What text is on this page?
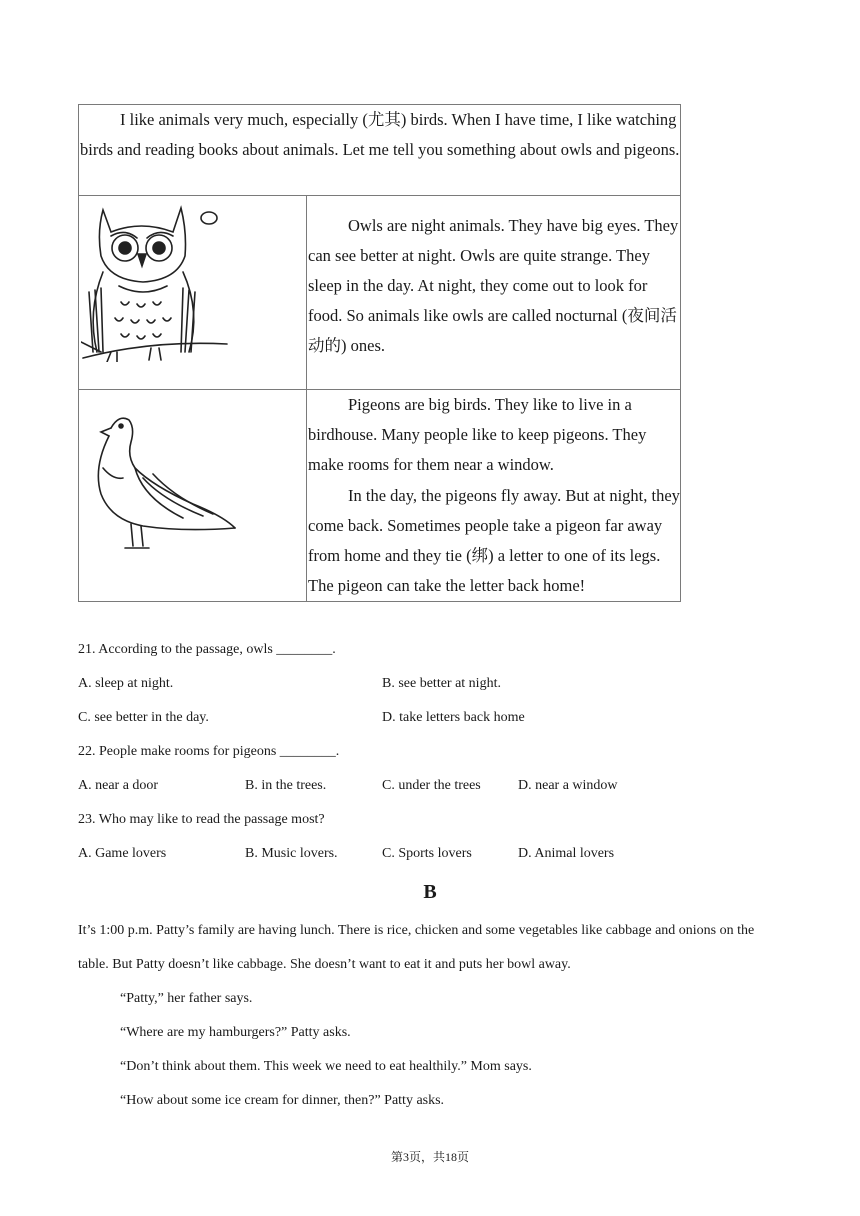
I like animals very much, especially (尤其) birds. When I have time, I like watching birds and reading books about animals. Let me tell you something about owls and pigeons.	

Owls are night animals. They have big eyes. They can see better at night. Owls are quite strange. They sleep in the day. At night, they come out to look for food. So animals like owls are called nocturnal (夜间活动的) ones.

Pigeons are big birds. They like to live in a birdhouse. Many people like to keep pigeons. They make rooms for them near a window.

In the day, the pigeons fly away. But at night, they come back. Sometimes people take a pigeon far away from home and they tie (绑) a letter to one of its legs. The pigeon can take the letter back home!

21. According to the passage, owls ________.
A. sleep at night.	B. see better at night.
C. see better in the day.	D. take letters back home
22. People make rooms for pigeons ________.
A. near a door	B. in the trees.	C. under the trees	D. near a window
23. Who may like to read the passage most?
A. Game lovers	B. Music lovers.	C. Sports lovers	D. Animal lovers
B

It’s 1:00 p.m. Patty’s family are having lunch. There is rice, chicken and some vegetables like cabbage and onions on the table. But Patty doesn’t like cabbage. She doesn’t want to eat it and puts her bowl away.

“Patty,” her father says.
“Where are my hamburgers?” Patty asks.
“Don’t think about them. This week we need to eat healthily.” Mom says.
“How about some ice cream for dinner, then?” Patty asks.
第3页，共18页
